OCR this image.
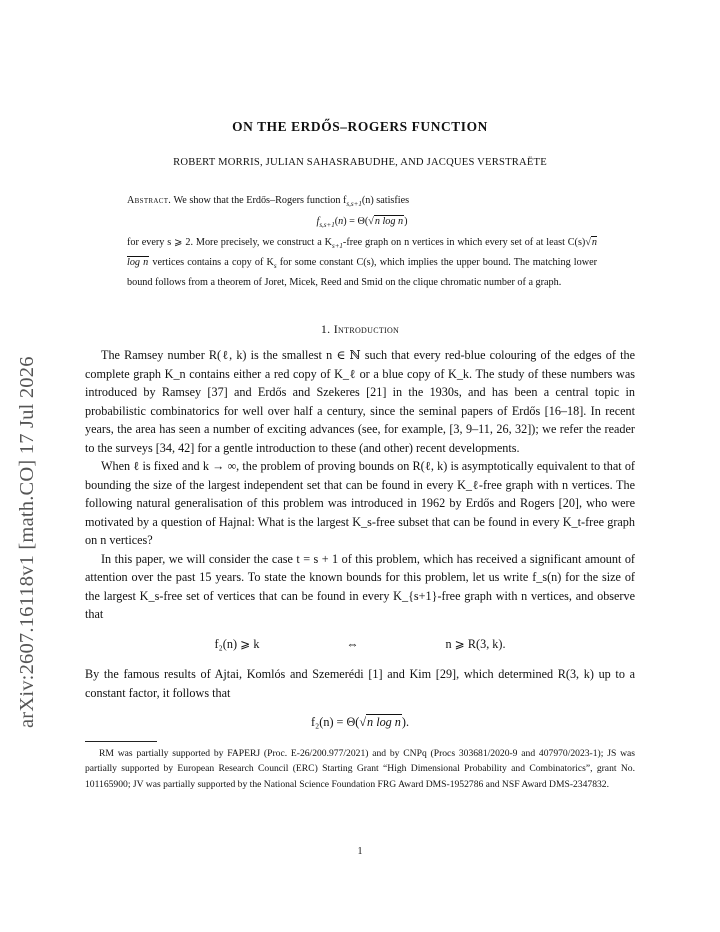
arXiv:2607.16118v1 [math.CO] 17 Jul 2026
ON THE ERDŐS–ROGERS FUNCTION
ROBERT MORRIS, JULIAN SAHASRABUDHE, AND JACQUES VERSTRAËTE
Abstract. We show that the Erdős–Rogers function $f_{s,s+1}(n)$ satisfies
$f_{s,s+1}(n) = \Theta(√n$ log n)
for every s ⩾ 2. More precisely, we construct a $K_{s+1}$-free graph on n vertices in which every set of at least C(s)√n log n vertices contains a copy of $K_s$ for some constant C(s), which implies the upper bound. The matching lower bound follows from a theorem of Joret, Micek, Reed and Smid on the clique chromatic number of a graph.
1. Introduction

The Ramsey number R(ℓ, k) is the smallest n ∈ ℕ such that every red-blue colouring of the edges of the complete graph K_n contains either a red copy of K_ℓ or a blue copy of K_k. The study of these numbers was introduced by Ramsey [37] and Erdős and Szekeres [21] in the 1930s, and has been a central topic in probabilistic combinatorics for well over half a century, since the seminal papers of Erdős [16–18]. In recent years, the area has seen a number of exciting advances (see, for example, [3, 9–11, 26, 32]); we refer the reader to the surveys [34, 42] for a gentle introduction to these (and other) recent developments.

When ℓ is fixed and k → ∞, the problem of proving bounds on R(ℓ, k) is asymptotically equivalent to that of bounding the size of the largest independent set that can be found in every K_ℓ-free graph with n vertices. The following natural generalisation of this problem was introduced in 1962 by Erdős and Rogers [20], who were motivated by a question of Hajnal: What is the largest K_s-free subset that can be found in every K_t-free graph on n vertices?

In this paper, we will consider the case t = s + 1 of this problem, which has received a significant amount of attention over the past 15 years. To state the known bounds for this problem, let us write f_s(n) for the size of the largest K_s-free set of vertices that can be found in every K_{s+1}-free graph with n vertices, and observe that

f₂(n) ⩾ k	⇔	n ⩾ R(3, k).

By the famous results of Ajtai, Komlós and Szemerédi [1] and Kim [29], which determined R(3, k) up to a constant factor, it follows that

f₂(n) = Θ(√n log n).
RM was partially supported by FAPERJ (Proc. E-26/200.977/2021) and by CNPq (Procs 303681/2020-9 and 407970/2023-1); JS was partially supported by European Research Council (ERC) Starting Grant “High Dimensional Probability and Combinatorics”, grant No. 101165900; JV was partially supported by the National Science Foundation FRG Award DMS-1952786 and NSF Award DMS-2347832.
1
